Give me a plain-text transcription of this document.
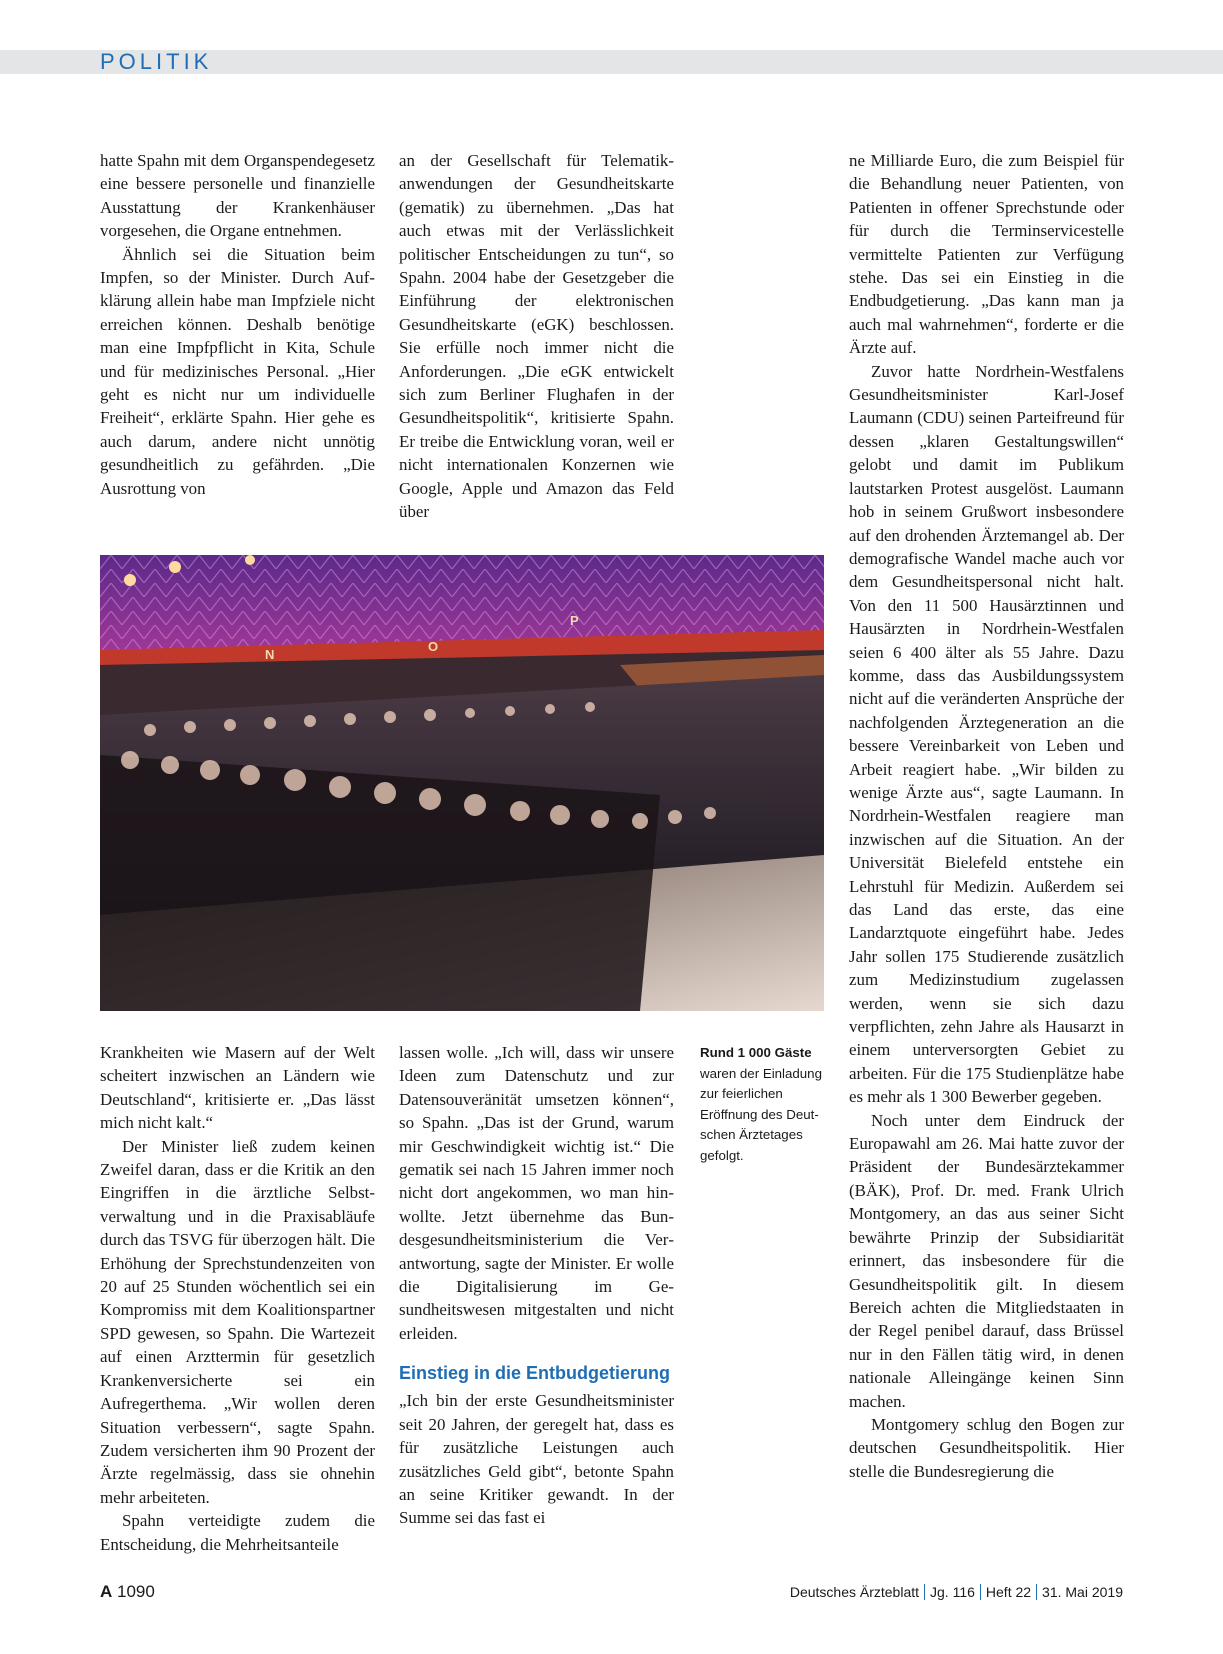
POLITIK

hatte Spahn mit dem Organspendegesetz eine bessere personelle und finanzielle Ausstattung der Krankenhäuser vorgesehen, die Organe entnehmen.

Ähnlich sei die Situation beim Impfen, so der Minister. Durch Aufklärung allein habe man Impfziele nicht erreichen können. Deshalb benötige man eine Impfpflicht in Kita, Schule und für medizinisches Personal. „Hier geht es nicht nur um individuelle Freiheit“, erklärte Spahn. Hier gehe es auch darum, andere nicht unnötig gesundheitlich zu gefährden. „Die Ausrottung von

an der Gesellschaft für Telematikanwendungen der Gesundheitskarte (gematik) zu übernehmen. „Das hat auch etwas mit der Verlässlichkeit politischer Entscheidungen zu tun“, so Spahn. 2004 habe der Gesetzgeber die Einführung der elektronischen Gesundheitskarte (eGK) beschlossen. Sie erfülle noch immer nicht die Anforderungen. „Die eGK entwickelt sich zum Berliner Flughafen in der Gesundheitspolitik“, kritisierte Spahn. Er treibe die Entwicklung voran, weil er nicht internationalen Konzernen wie Google, Apple und Amazon das Feld über

N
O
P
Rund 1 000 Gäste waren der Einladung zur feierlichen Eröffnung des Deutschen Ärztetages gefolgt.

Krankheiten wie Masern auf der Welt scheitert inzwischen an Ländern wie Deutschland“, kritisierte er. „Das lässt mich nicht kalt.“

Der Minister ließ zudem keinen Zweifel daran, dass er die Kritik an den Eingriffen in die ärztliche Selbstverwaltung und in die Praxisabläufe durch das TSVG für überzogen hält. Die Erhöhung der Sprechstundenzeiten von 20 auf 25 Stunden wöchentlich sei ein Kompromiss mit dem Koalitionspartner SPD gewesen, so Spahn. Die Wartezeit auf einen Arzttermin für gesetzlich Krankenversicherte sei ein Aufregerthema. „Wir wollen deren Situation verbessern“, sagte Spahn. Zudem versicherten ihm 90 Prozent der Ärzte regelmässig, dass sie ohnehin mehr arbeiteten.

Spahn verteidigte zudem die Entscheidung, die Mehrheitsanteile

lassen wolle. „Ich will, dass wir unsere Ideen zum Datenschutz und zur Datensouveränität umsetzen können“, so Spahn. „Das ist der Grund, warum mir Geschwindigkeit wichtig ist.“ Die gematik sei nach 15 Jahren immer noch nicht dort angekommen, wo man hinwollte. Jetzt übernehme das Bundesgesundheitsministerium die Verantwortung, sagte der Minister. Er wolle die Digitalisierung im Gesundheitswesen mitgestalten und nicht erleiden.

Einstieg in die Entbudgetierung

„Ich bin der erste Gesundheitsminister seit 20 Jahren, der geregelt hat, dass es für zusätzliche Leistungen auch zusätzliches Geld gibt“, betonte Spahn an seine Kritiker gewandt. In der Summe sei das fast ei

ne Milliarde Euro, die zum Beispiel für die Behandlung neuer Patienten, von Patienten in offener Sprechstunde oder für durch die Terminservicestelle vermittelte Patienten zur Verfügung stehe. Das sei ein Einstieg in die Endbudgetierung. „Das kann man ja auch mal wahrnehmen“, forderte er die Ärzte auf.

Zuvor hatte Nordrhein-Westfalens Gesundheitsminister Karl-Josef Laumann (CDU) seinen Parteifreund für dessen „klaren Gestaltungswillen“ gelobt und damit im Publikum lautstarken Protest ausgelöst. Laumann hob in seinem Grußwort insbesondere auf den drohenden Ärztemangel ab. Der demografische Wandel mache auch vor dem Gesundheitspersonal nicht halt. Von den 11 500 Hausärztinnen und Hausärzten in Nordrhein-Westfalen seien 6 400 älter als 55 Jahre. Dazu komme, dass das Ausbildungssystem nicht auf die veränderten Ansprüche der nachfolgenden Ärztegeneration an die bessere Vereinbarkeit von Leben und Arbeit reagiert habe. „Wir bilden zu wenige Ärzte aus“, sagte Laumann. In Nordrhein-Westfalen reagiere man inzwischen auf die Situation. An der Universität Bielefeld entstehe ein Lehrstuhl für Medizin. Außerdem sei das Land das erste, das eine Landarztquote eingeführt habe. Jedes Jahr sollen 175 Studierende zusätzlich zum Medizinstudium zugelassen werden, wenn sie sich dazu verpflichten, zehn Jahre als Hausarzt in einem unterversorgten Gebiet zu arbeiten. Für die 175 Studienplätze habe es mehr als 1 300 Bewerber gegeben.

Noch unter dem Eindruck der Europawahl am 26. Mai hatte zuvor der Präsident der Bundesärztekammer (BÄK), Prof. Dr. med. Frank Ulrich Montgomery, an das aus seiner Sicht bewährte Prinzip der Subsidiarität erinnert, das insbesondere für die Gesundheitspolitik gilt. In diesem Bereich achten die Mitgliedstaaten in der Regel penibel darauf, dass Brüssel nur in den Fällen tätig wird, in denen nationale Alleingänge keinen Sinn machen.

Montgomery schlug den Bogen zur deutschen Gesundheitspolitik. Hier stelle die Bundesregierung die

A 1090	Deutsches Ärzteblatt Jg. 116 Heft 22 31. Mai 2019
